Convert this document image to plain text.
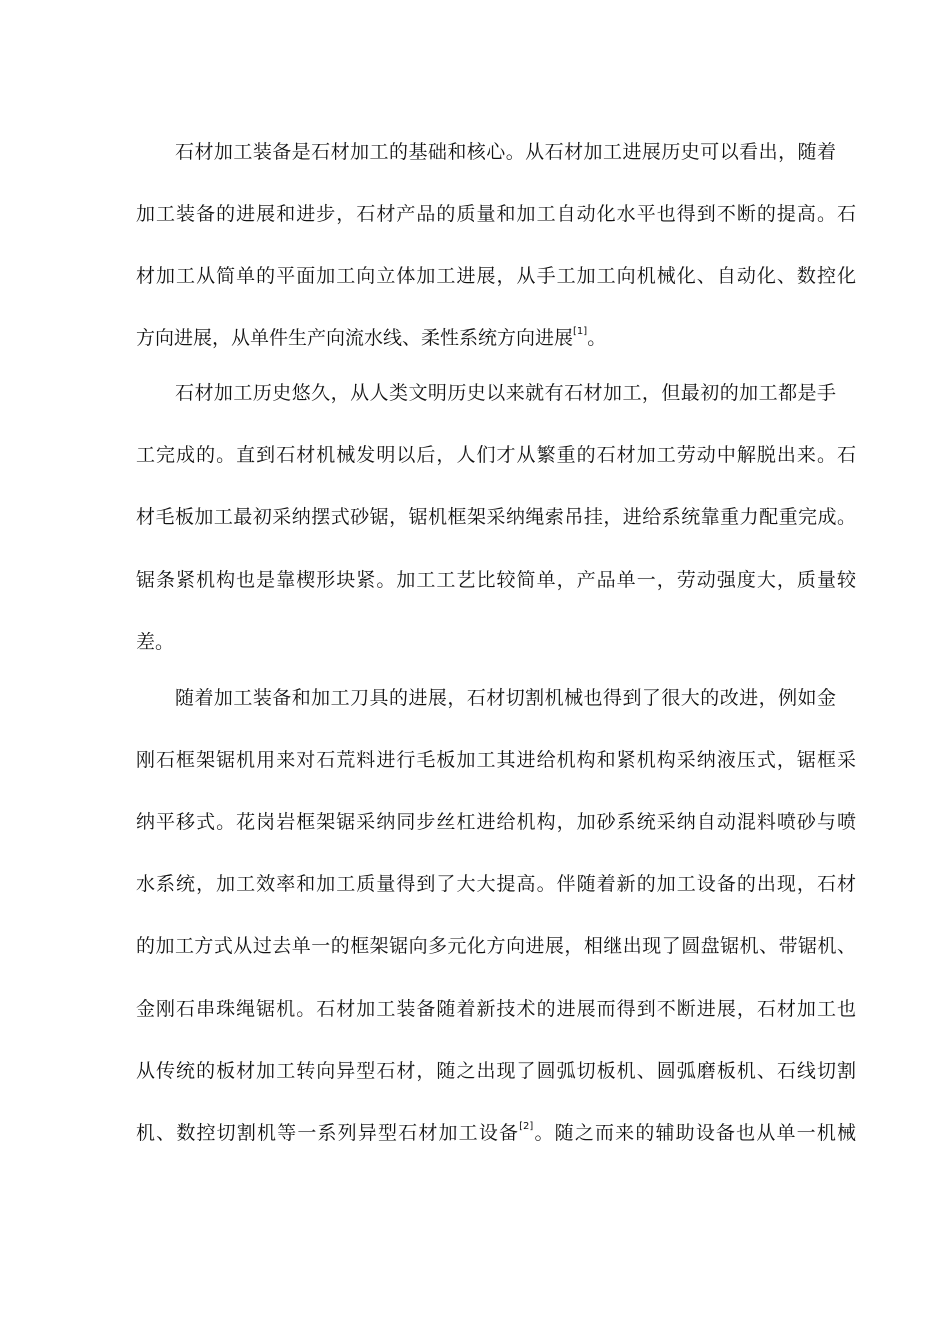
石材加工装备是石材加工的基础和核心。从石材加工进展历史可以看出，随着
加工装备的进展和进步，石材产品的质量和加工自动化水平也得到不断的提高。石
材加工从简单的平面加工向立体加工进展，从手工加工向机械化、自动化、数控化
方向进展，从单件生产向流水线、柔性系统方向进展[1]。
石材加工历史悠久，从人类文明历史以来就有石材加工，但最初的加工都是手
工完成的。直到石材机械发明以后，人们才从繁重的石材加工劳动中解脱出来。石
材毛板加工最初采纳摆式砂锯，锯机框架采纳绳索吊挂，进给系统靠重力配重完成。
锯条紧机构也是靠楔形块紧。加工工艺比较简单，产品单一，劳动强度大，质量较
差。
随着加工装备和加工刀具的进展，石材切割机械也得到了很大的改进，例如金
刚石框架锯机用来对石荒料进行毛板加工其进给机构和紧机构采纳液压式，锯框采
纳平移式。花岗岩框架锯采纳同步丝杠进给机构，加砂系统采纳自动混料喷砂与喷
水系统，加工效率和加工质量得到了大大提高。伴随着新的加工设备的出现，石材
的加工方式从过去单一的框架锯向多元化方向进展，相继出现了圆盘锯机、带锯机、
金刚石串珠绳锯机。石材加工装备随着新技术的进展而得到不断进展，石材加工也
从传统的板材加工转向异型石材，随之出现了圆弧切板机、圆弧磨板机、石线切割
机、数控切割机等一系列异型石材加工设备[2]。随之而来的辅助设备也从单一机械
